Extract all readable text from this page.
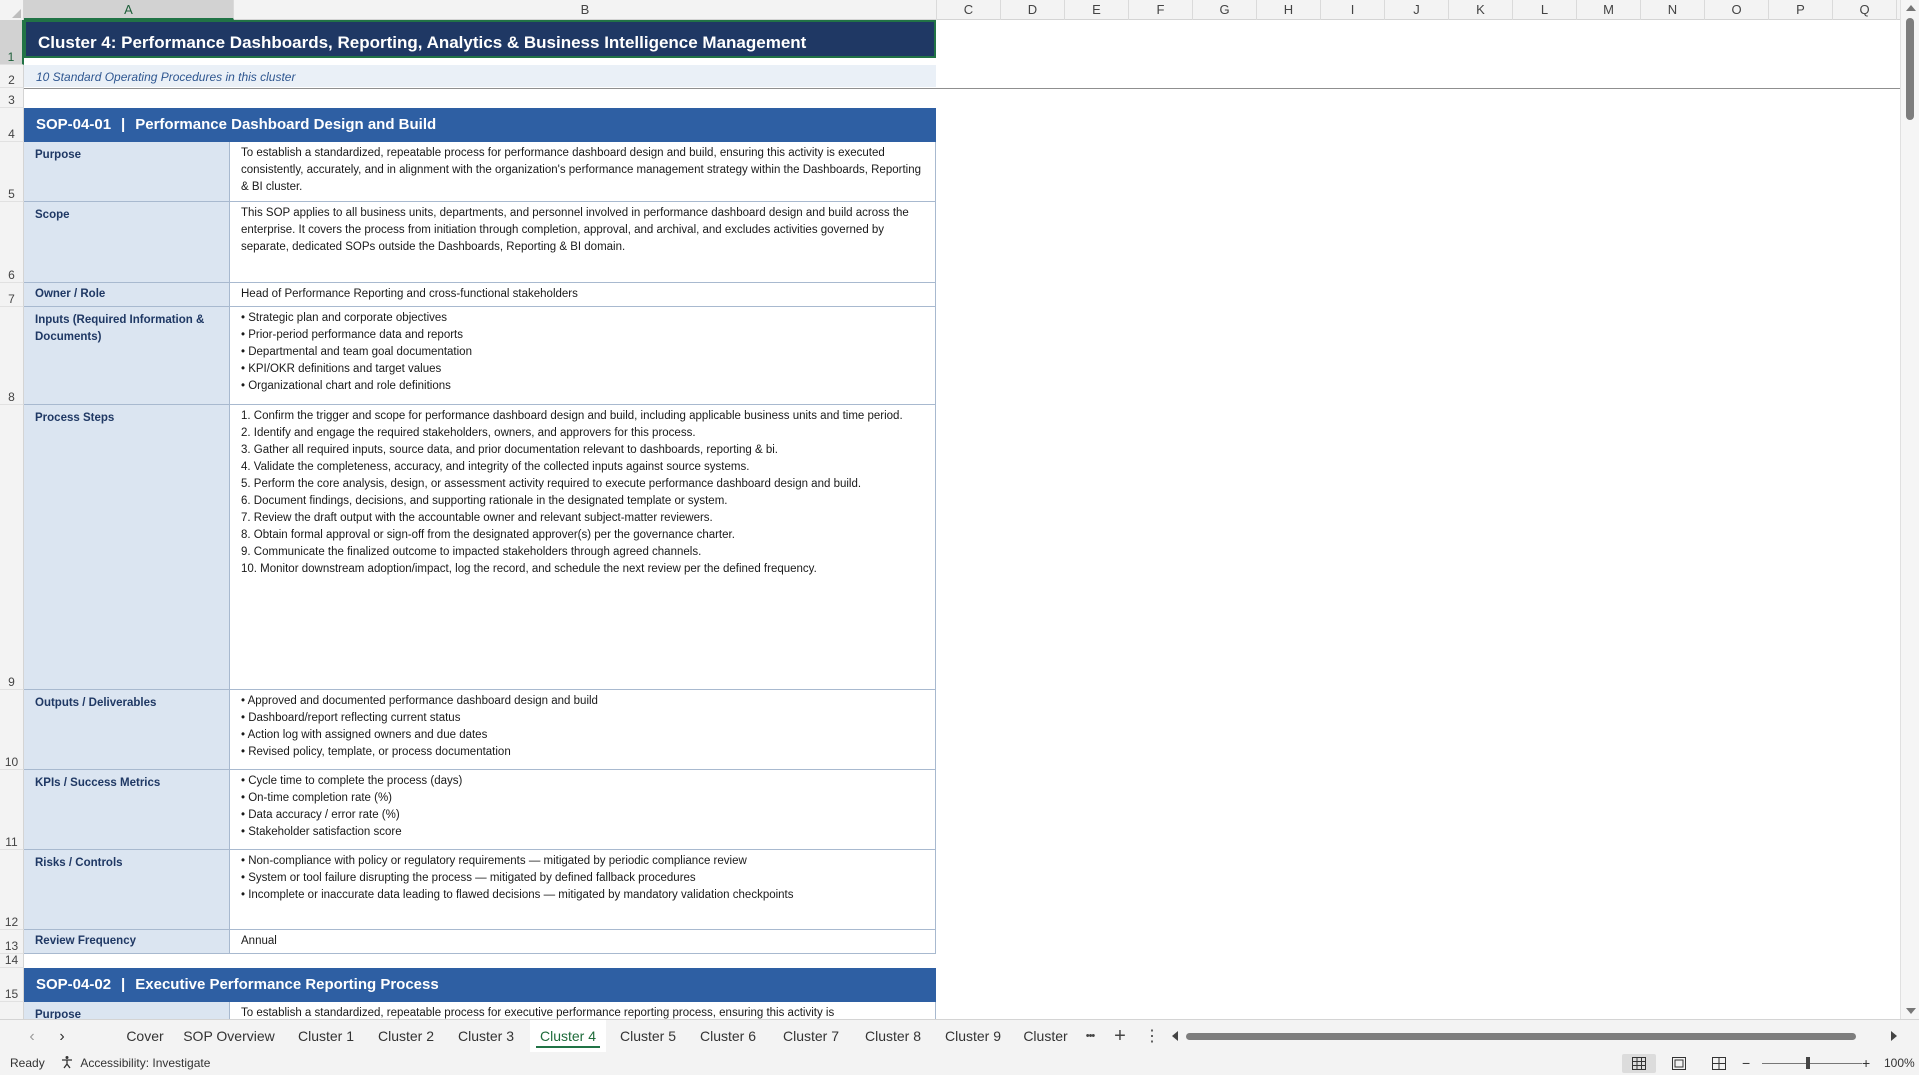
A	B	C	D	E	F	G	H	I	J	K	L	M	N	O	P	Q
1
2
3
4
5
6
7
8
9
10
11
12
13
14
15
Cluster 4: Performance Dashboards, Reporting, Analytics & Business Intelligence Management
10 Standard Operating Procedures in this cluster
SOP-04-01 | Performance Dashboard Design and Build
Purpose	To establish a standardized, repeatable process for performance dashboard design and build, ensuring this activity is executed consistently, accurately, and in alignment with the organization's performance management strategy within the Dashboards, Reporting & BI cluster.
Scope	This SOP applies to all business units, departments, and personnel involved in performance dashboard design and build across the enterprise. It covers the process from initiation through completion, approval, and archival, and excludes activities governed by separate, dedicated SOPs outside the Dashboards, Reporting & BI domain.
Owner / Role	Head of Performance Reporting and cross-functional stakeholders
Inputs (Required Information & Documents)
• Strategic plan and corporate objectives
• Prior-period performance data and reports
• Departmental and team goal documentation
• KPI/OKR definitions and target values
• Organizational chart and role definitions
Process Steps	1. Confirm the trigger and scope for performance dashboard design and build, including applicable business units and time period.
2. Identify and engage the required stakeholders, owners, and approvers for this process.
3. Gather all required inputs, source data, and prior documentation relevant to dashboards, reporting & bi.
4. Validate the completeness, accuracy, and integrity of the collected inputs against source systems.
5. Perform the core analysis, design, or assessment activity required to execute performance dashboard design and build.
6. Document findings, decisions, and supporting rationale in the designated template or system.
7. Review the draft output with the accountable owner and relevant subject-matter reviewers.
8. Obtain formal approval or sign-off from the designated approver(s) per the governance charter.
9. Communicate the finalized outcome to impacted stakeholders through agreed channels.
10. Monitor downstream adoption/impact, log the record, and schedule the next review per the defined frequency.
Outputs / Deliverables	• Approved and documented performance dashboard design and build
• Dashboard/report reflecting current status
• Action log with assigned owners and due dates
• Revised policy, template, or process documentation
KPIs / Success Metrics	• Cycle time to complete the process (days)
• On-time completion rate (%)
• Data accuracy / error rate (%)
• Stakeholder satisfaction score
Risks / Controls	• Non-compliance with policy or regulatory requirements — mitigated by periodic compliance review
• System or tool failure disrupting the process — mitigated by defined fallback procedures
• Incomplete or inaccurate data leading to flawed decisions — mitigated by mandatory validation checkpoints
Review Frequency	Annual
SOP-04-02 | Executive Performance Reporting Process
Purpose	To establish a standardized, repeatable process for executive performance reporting process, ensuring this activity is
‹	›	Cover	SOP Overview	Cluster 1	Cluster 2	Cluster 3	Cluster 4	Cluster 5	Cluster 6	Cluster 7	Cluster 8	Cluster 9	Cluster	••• +	⋮
Ready	Accessibility: Investigate	−	+ 100%
